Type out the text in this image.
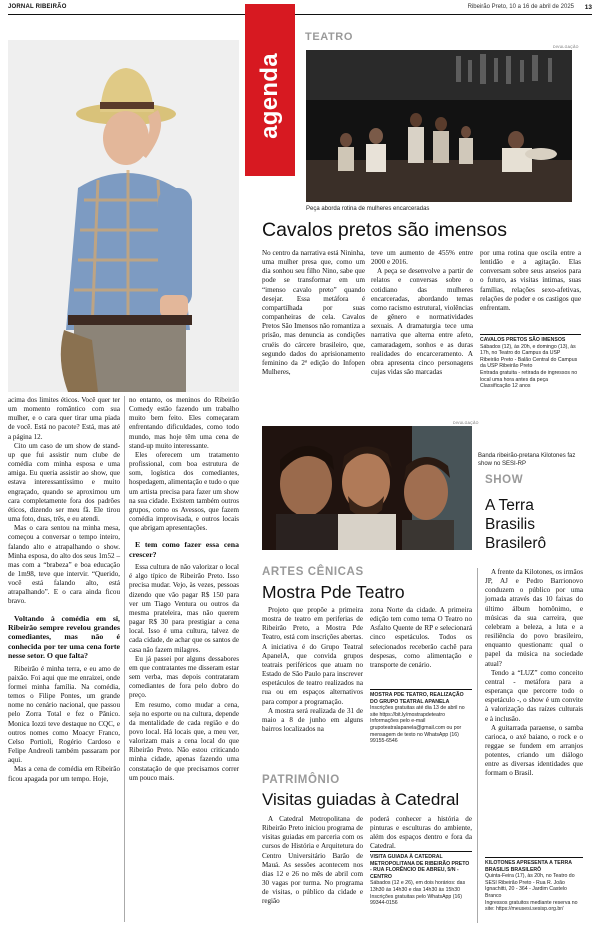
JORNAL RIBEIRÃO	Ribeirão Preto, 10 a 16 de abril de 2025 13

acima dos limites éticos. Você quer ter um momento romântico com sua mulher, e o cara quer tirar uma piada de você. Está no pacote? Está, mas até a página 12.

Cito um caso de um show de stand-up que fui assistir num clube de comédia com minha esposa e uma amiga. Eu queria assistir ao show, que estava interessantíssimo e muito engraçado, quando se aproximou um cara completamente fora dos padrões éticos, dizendo ser meu fã. Ele tirou uma foto, duas, três, e eu atendi.

Mas o cara sentou na minha mesa, começou a conversar o tempo inteiro, falando alto e atrapalhando o show. Minha esposa, do alto dos seus 1m52 – mas com a “brabeza” e boa educação de 1m98, teve que intervir. “Querido, você está falando alto, está atrapalhando”. E o cara ainda ficou bravo.

Voltando à comédia em si, Ribeirão sempre revelou grandes comediantes, mas não é conhecida por ter uma cena forte nesse setor. O que falta?

Ribeirão é minha terra, e eu amo de paixão. Foi aqui que me enraizei, onde formei minha família. Na comédia, temos o Filipe Pontes, um grande nome no cenário nacional, que passou pelo Zorra Total e fez o Pânico. Monica Iozzi teve destaque no CQC, e outros nomes como Moacyr Franco, Celso Portioli, Rogério Cardoso e Felipe Andreoli também passaram por aqui.

Mas a cena de comédia em Ribeirão ficou apagada por um tempo. Hoje,

no entanto, os meninos do Ribeirão Comedy estão fazendo um trabalho muito bem feito. Eles começaram enfrentando dificuldades, como todo mundo, mas hoje têm uma cena de stand-up muito interessante.

Eles oferecem um tratamento profissional, com boa estrutura de som, logística dos comediantes, hospedagem, alimentação e tudo o que um artista precisa para fazer um show na sua cidade. Existem também outros grupos, como os Avessos, que fazem comédia improvisada, e outros locais que abrigam apresentações.

E tem como fazer essa cena crescer?

Essa cultura de não valorizar o local é algo típico de Ribeirão Preto. Isso precisa mudar. Vejo, às vezes, pessoas dizendo que vão pagar R$ 150 para ver um Tiago Ventura ou outros da mesma prateleira, mas não querem pagar R$ 30 para prestigiar a cena local. Isso é uma cultura, talvez de cada cidade, de achar que os santos de casa não fazem milagres.

Eu já passei por alguns dessabores em que contratantes me disseram estar sem verba, mas depois contrataram comediantes de fora pelo dobro do preço.

Em resumo, como mudar a cena, seja no esporte ou na cultura, depende da mentalidade de cada região e do povo local. Há locais que, a meu ver, valorizam mais a cena local do que Ribeirão Preto. Não estou criticando minha cidade, apenas fazendo uma constatação de que precisamos correr um pouco mais.

agenda
TEATRO
DIVULGAÇÃO
Peça aborda rotina de mulheres encarceradas
Cavalos pretos são imensos

No centro da narrativa está Nininha, uma mulher presa que, como um dia sonhou seu filho Nino, sabe que pode se transformar em um “imenso cavalo preto” quando desejar. Essa metáfora é compartilhada por suas companheiras de cela. Cavalos Pretos São Imensos não romantiza a prisão, mas denuncia as condições cruéis do cárcere brasileiro, que, segundo dados do aprisionamento feminino da 2ª edição do Infopen Mulheres,

teve um aumento de 455% entre 2000 e 2016.

A peça se desenvolve a partir de relatos e conversas sobre o cotidiano das mulheres encarceradas, abordando temas como racismo estrutural, violências de gênero e normatividades sexuais. A dramaturgia tece uma narrativa que alterna entre afeto, camaradagem, sonhos e as duras realidades do encarceramento. A obra apresenta cinco personagens cujas vidas são marcadas

por uma rotina que oscila entre a lentidão e a agitação. Elas conversam sobre seus anseios para o futuro, as visitas íntimas, suas famílias, relações sexo-afetivas, relações de poder e os castigos que enfrentam.

CAVALOS PRETOS SÃO IMENSOS
Sábados (12), às 20h, e domingo (13), às 17h, no Teatro do Campus da USP Ribeirão Preto - Balão Central do Campus da USP Ribeirão Preto
Entrada gratuita - retirada de ingressos no local uma hora antes da peça
Classificação 12 anos
DIVULGAÇÃO
Banda ribeirão-pretana Kilotones faz show no SESI-RP
SHOW
A Terra
Brasilis
Brasilerô

A frente da Kilotones, os irmãos JP, AJ e Pedro Barrionovo conduzem o público por uma jornada através das 10 faixas do último álbum homônimo, e músicas da sua carreira, que celebram a beleza, a luta e a resiliência do povo brasileiro, enquanto questionam: qual o papel da música na sociedade atual?

Tendo a “LUZ” como conceito central - metáfora para a esperança que percorre todo o espetáculo -, o show é um convite à valorização das raízes culturais e à inclusão.

A guitarrada paraense, o samba carioca, o axé baiano, o rock e o reggae se fundem em arranjos potentes, criando um diálogo entre as diversas identidades que formam o Brasil.

KILOTONES APRESENTA A TERRA BRASILIS BRASILERÔ
Quinta-Feira (17), às 20h, no Teatro do SESI Ribeirão Preto - Rua R. João Ignachitti, 20 - 364 - Jardim Castelo Branco
Ingressos gratuitos mediante reserva no site: https://meusesi.sesisp.org.br/
ARTES CÊNICAS
Mostra Pde Teatro

Projeto que propõe a primeira mostra de teatro em periferias de Ribeirão Preto, a Mostra Pde Teatro, está com inscrições abertas. A iniciativa é do Grupo Teatral ApanelA, que convida grupos teatrais periféricos que atuam no Estado de São Paulo para inscrever espetáculos de teatro realizados na rua ou em espaços alternativos para compor a programação.

A mostra será realizada de 31 de maio a 8 de junho em alguns bairros localizados na

zona Norte da cidade. A primeira edição tem como tema O Teatro no Asfalto Quente de RP e selecionará cinco espetáculos. Todos os selecionados receberão cachê para despesas, como alimentação e transporte de cenário.

MOSTRA PDE TEATRO, REALIZAÇÃO DO GRUPO TEATRAL APANELA
Inscrições gratuitas até dia 13 de abril no site https://bit.ly/mostrapdeteatro
Informações pelo e-mail grupoteatralapanela@gmail.com ou por mensagem de texto no WhatsApp (16) 99155-6546
PATRIMÔNIO
Visitas guiadas à Catedral

A Catedral Metropolitana de Ribeirão Preto iniciou programa de visitas guiadas em parceria com os cursos de História e Arquitetura do Centro Universitário Barão de Mauá. As sessões acontecem nos dias 12 e 26 no mês de abril com 30 vagas por turma. No programa de visitas, o público da cidade e região

poderá conhecer a história de pinturas e esculturas do ambiente, além dos espaços dentro e fora da Catedral.

VISITA GUIADA À CATEDRAL METROPOLITANA DE RIBEIRÃO PRETO - RUA FLORÊNCIO DE ABREU, 5/N - CENTRO
Sábados (12 e 26), em dois horários: das 13h30 às 14h30 e das 14h30 às 15h30
Inscrições gratuitas pelo WhatsApp (16) 99344-0156
